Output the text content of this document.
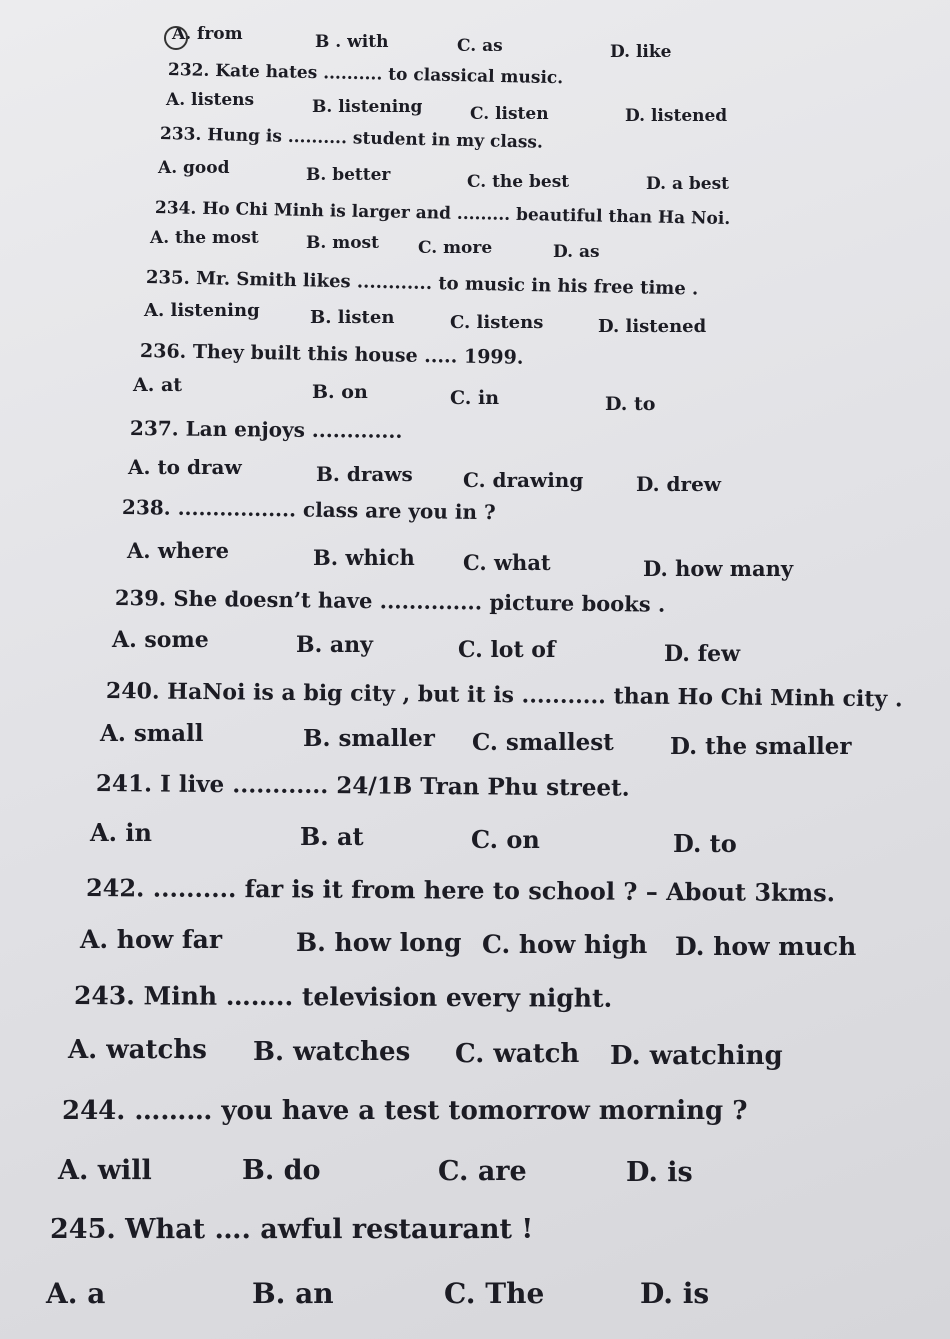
A. from	B . with	C. as	D. like
232. Kate hates .......... to classical music.
A. listens	B. listening	C. listen	D. listened
233. Hung is .......... student in my class.
A. good	B. better	C. the best	D. a best
234. Ho Chi Minh is larger and ......... beautiful than Ha Noi.
A. the most	B. most C. more	D. as
235. Mr. Smith likes ............ to music in his free time .
A. listening	B. listen	C. listens	D. listened
236. They built this house ..... 1999.
A. at	B. on	C. in	D. to
237. Lan enjoys .............
A. to draw	B. draws	C. drawing	D. drew
238. ................. class are you in ?
A. where	B. which C. what	D. how many
239. She doesn’t have .............. picture books .
A. some	B. any	C. lot of	D. few
240. HaNoi is a big city , but it is ........... than Ho Chi Minh city .
A. small	B. smaller C. smallest D. the smaller
241. I live ............ 24/1B Tran Phu street.
A. in	B. at	C. on	D. to
242. .......... far is it from here to school ? – About 3kms.
A. how far	B. how long C. how high D. how much
243. Minh …….. television every night.
A. watchs B. watches C. watch D. watching
244. ……… you have a test tomorrow morning ?
A. will	B. do	C. are	D. is
245. What …. awful restaurant !
A. a	B. an	C. The	D. is
